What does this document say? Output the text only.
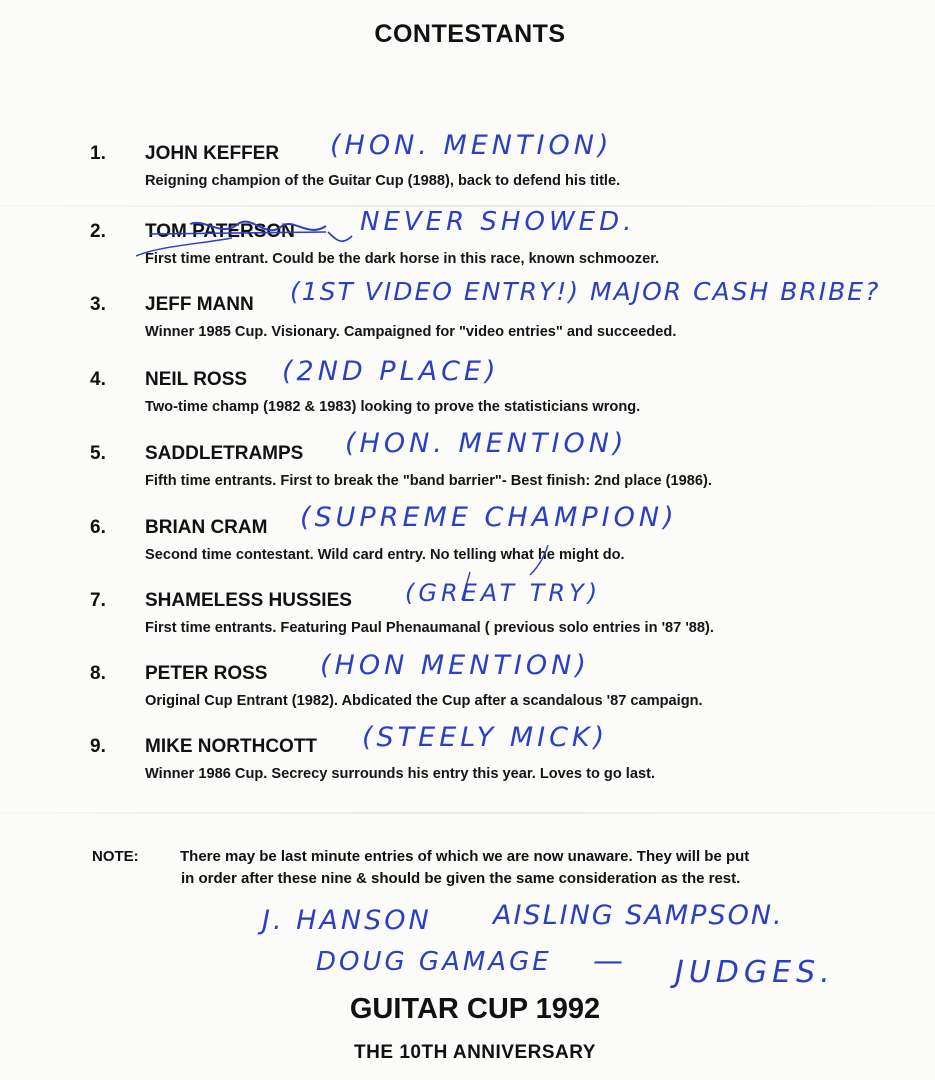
CONTESTANTS
1. JOHN KEFFER
Reigning champion of the Guitar Cup (1988), back to defend his title.
(HON. MENTION)
2. TOM PATERSON
First time entrant. Could be the dark horse in this race, known schmoozer.
NEVER SHOWED.
3. JEFF MANN
Winner 1985 Cup. Visionary. Campaigned for "video entries" and succeeded.
(1ST VIDEO ENTRY!) MAJOR CASH BRIBE?
4. NEIL ROSS
Two-time champ (1982 & 1983) looking to prove the statisticians wrong.
(2ND PLACE)
5. SADDLETRAMPS
Fifth time entrants. First to break the "band barrier"- Best finish: 2nd place (1986).
(HON. MENTION)
6. BRIAN CRAM
Second time contestant. Wild card entry. No telling what he might do.
(SUPREME CHAMPION)
7. SHAMELESS HUSSIES
First time entrants. Featuring Paul Phenaumanal ( previous solo entries in '87 '88).
(GREAT TRY)
8. PETER ROSS
Original Cup Entrant (1982). Abdicated the Cup after a scandalous '87 campaign.
(HON MENTION)
9. MIKE NORTHCOTT
Winner 1986 Cup. Secrecy surrounds his entry this year. Loves to go last.
(STEELY MICK)
NOTE:	There may be last minute entries of which we are now unaware. They will be put
in order after these nine & should be given the same consideration as the rest.
J. HANSON AISLING SAMPSON.
DOUG GAMAGE — JUDGES.
GUITAR CUP 1992
THE 10TH ANNIVERSARY
